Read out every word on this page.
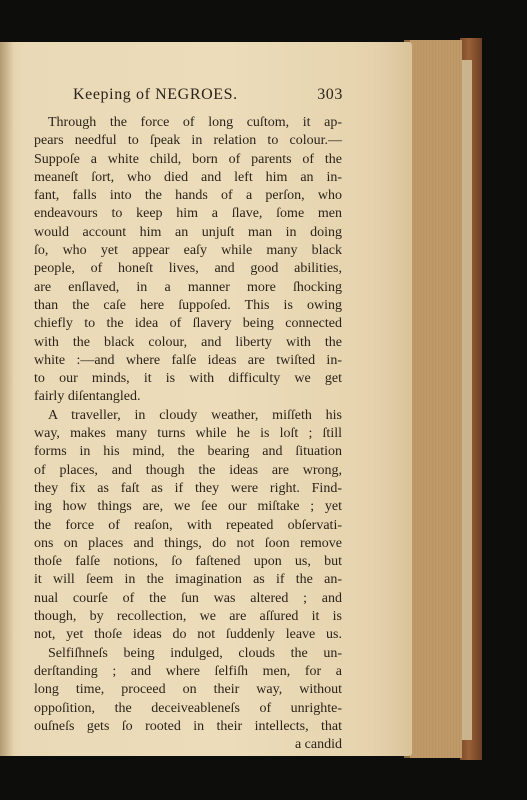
Keeping of NEGROES.	303
Through the force of long cuſtom, it ap-
pears needful to ſpeak in relation to colour.—
Suppoſe a white child, born of parents of the
meaneſt ſort, who died and left him an in-
fant, falls into the hands of a perſon, who
endeavours to keep him a ſlave, ſome men
would account him an unjuſt man in doing
ſo, who yet appear eaſy while many black
people, of honeſt lives, and good abilities,
are enſlaved, in a manner more ſhocking
than the caſe here ſuppoſed. This is owing
chiefly to the idea of ſlavery being connected
with the black colour, and liberty with the
white :—and where falſe ideas are twiſted in-
to our minds, it is with difficulty we get
fairly diſentangled.
A traveller, in cloudy weather, miſſeth his
way, makes many turns while he is loſt ; ſtill
forms in his mind, the bearing and ſituation
of places, and though the ideas are wrong,
they fix as faſt as if they were right. Find-
ing how things are, we ſee our miſtake ; yet
the force of reaſon, with repeated obſervati-
ons on places and things, do not ſoon remove
thoſe falſe notions, ſo faſtened upon us, but
it will ſeem in the imagination as if the an-
nual courſe of the ſun was altered ; and
though, by recollection, we are aſſured it is
not, yet thoſe ideas do not ſuddenly leave us.
Selfiſhneſs being indulged, clouds the un-
derſtanding ; and where ſelfiſh men, for a
long time, proceed on their way, without
oppoſition, the deceiveableneſs of unrighte-
ouſneſs gets ſo rooted in their intellects, that
a candid
